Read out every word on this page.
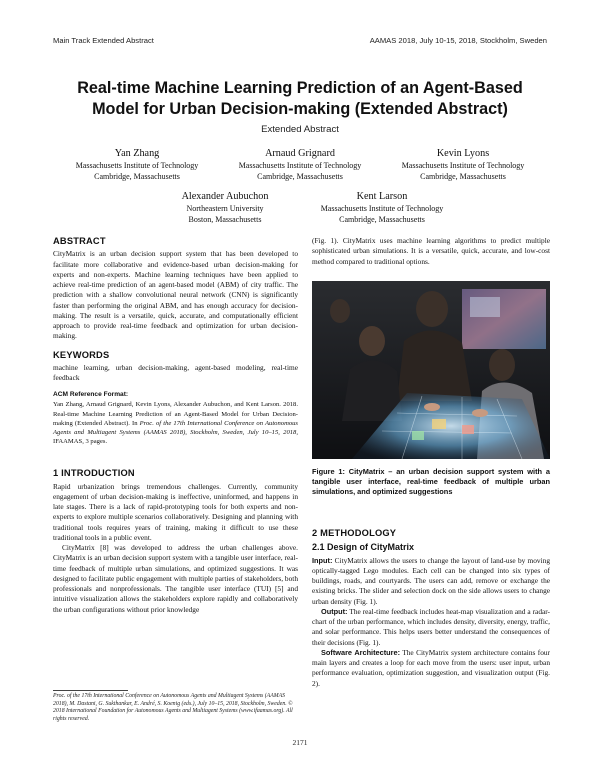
Main Track Extended Abstract	AAMAS 2018, July 10-15, 2018, Stockholm, Sweden
Real-time Machine Learning Prediction of an Agent-Based
Model for Urban Decision-making (Extended Abstract)
Extended Abstract
Yan Zhang
Massachusetts Institute of Technology
Cambridge, Massachusetts
Arnaud Grignard
Massachusetts Institute of Technology
Cambridge, Massachusetts
Kevin Lyons
Massachusetts Institute of Technology
Cambridge, Massachusetts
Alexander Aubuchon
Northeastern University
Boston, Massachusetts
Kent Larson
Massachusetts Institute of Technology
Cambridge, Massachusetts

ABSTRACT

CityMatrix is an urban decision support system that has been developed to facilitate more collaborative and evidence-based urban decision-making for experts and non-experts. Machine learning techniques have been applied to achieve real-time prediction of an agent-based model (ABM) of city traffic. The prediction with a shallow convolutional neural network (CNN) is significantly faster than performing the original ABM, and has enough accuracy for decision-making. The result is a versatile, quick, accurate, and computationally efficient approach to provide real-time feedback and optimization for urban decision-making.

KEYWORDS

machine learning, urban decision-making, agent-based modeling, real-time feedback

ACM Reference Format:

Yan Zhang, Arnaud Grignard, Kevin Lyons, Alexander Aubuchon, and Kent Larson. 2018. Real-time Machine Learning Prediction of an Agent-Based Model for Urban Decision-making (Extended Abstract). In Proc. of the 17th International Conference on Autonomous Agents and Multiagent Systems (AAMAS 2018), Stockholm, Sweden, July 10–15, 2018, IFAAMAS, 3 pages.

1 INTRODUCTION

Rapid urbanization brings tremendous challenges. Currently, community engagement of urban decision-making is ineffective, uninformed, and happens in late stages. There is a lack of rapid-prototyping tools for both experts and non-experts to explore multiple scenarios collaboratively. Designing and planning with traditional tools requires years of training, making it difficult to use these traditional tools in a public event.

CityMatrix [8] was developed to address the urban challenges above. CityMatrix is an urban decision support system with a tangible user interface, real-time feedback of multiple urban simulations, and optimized suggestions. It was designed to facilitate public engagement with multiple parties of stakeholders, both professionals and nonprofessionals. The tangible user interface (TUI) [5] and intuitive visualization allows the stakeholders explore rapidly and collaboratively the urban configurations without prior knowledge

Proc. of the 17th International Conference on Autonomous Agents and Multiagent Systems (AAMAS 2018), M. Dastani, G. Sukthankar, E. André, S. Koenig (eds.), July 10–15, 2018, Stockholm, Sweden. © 2018 International Foundation for Autonomous Agents and Multiagent Systems (www.ifaamas.org). All rights reserved.

(Fig. 1). CityMatrix uses machine learning algorithms to predict multiple sophisticated urban simulations. It is a versatile, quick, accurate, and low-cost method compared to traditional options.

Figure 1: CityMatrix – an urban decision support system with a tangible user interface, real-time feedback of multiple urban simulations, and optimized suggestions

2 METHODOLOGY

2.1 Design of CityMatrix

Input: CityMatrix allows the users to change the layout of land-use by moving optically-tagged Lego modules. Each cell can be changed into six types of buildings, roads, and courtyards. The users can add, remove or exchange the existing bricks. The slider and selection dock on the side allows users to change urban density (Fig. 1).

Output: The real-time feedback includes heat-map visualization and a radar-chart of the urban performance, which includes density, diversity, energy, traffic, and solar performance. This helps users better understand the consequences of their decisions (Fig. 1).

Software Architecture: The CityMatrix system architecture contains four main layers and creates a loop for each move from the users: user input, urban performance evaluation, optimization suggestion, and visualization output (Fig. 2).

2171
